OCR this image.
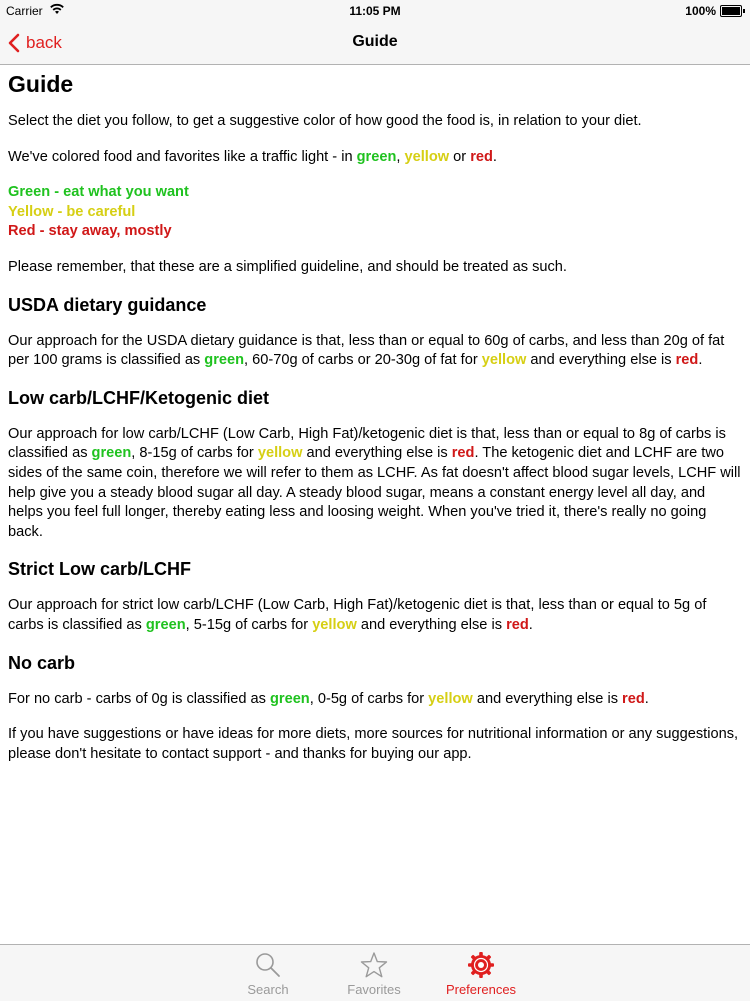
Carrier	11:05 PM	100%
back	Guide
Guide

Select the diet you follow, to get a suggestive color of how good the food is, in relation to your diet.

We've colored food and favorites like a traffic light - in green, yellow or red.

Green - eat what you want
Yellow - be careful
Red - stay away, mostly

Please remember, that these are a simplified guideline, and should be treated as such.

USDA dietary guidance

Our approach for the USDA dietary guidance is that, less than or equal to 60g of carbs, and less than 20g of fat per 100 grams is classified as green, 60-70g of carbs or 20-30g of fat for yellow and everything else is red.

Low carb/LCHF/Ketogenic diet

Our approach for low carb/LCHF (Low Carb, High Fat)/ketogenic diet is that, less than or equal to 8g of carbs is classified as green, 8-15g of carbs for yellow and everything else is red. The ketogenic diet and LCHF are two sides of the same coin, therefore we will refer to them as LCHF. As fat doesn't affect blood sugar levels, LCHF will help give you a steady blood sugar all day. A steady blood sugar, means a constant energy level all day, and helps you feel full longer, thereby eating less and loosing weight. When you've tried it, there's really no going back.

Strict Low carb/LCHF

Our approach for strict low carb/LCHF (Low Carb, High Fat)/ketogenic diet is that, less than or equal to 5g of carbs is classified as green, 5-15g of carbs for yellow and everything else is red.

No carb

For no carb - carbs of 0g is classified as green, 0-5g of carbs for yellow and everything else is red.

If you have suggestions or have ideas for more diets, more sources for nutritional information or any suggestions, please don't hesitate to contact support - and thanks for buying our app.

Search	Favorites	Preferences
